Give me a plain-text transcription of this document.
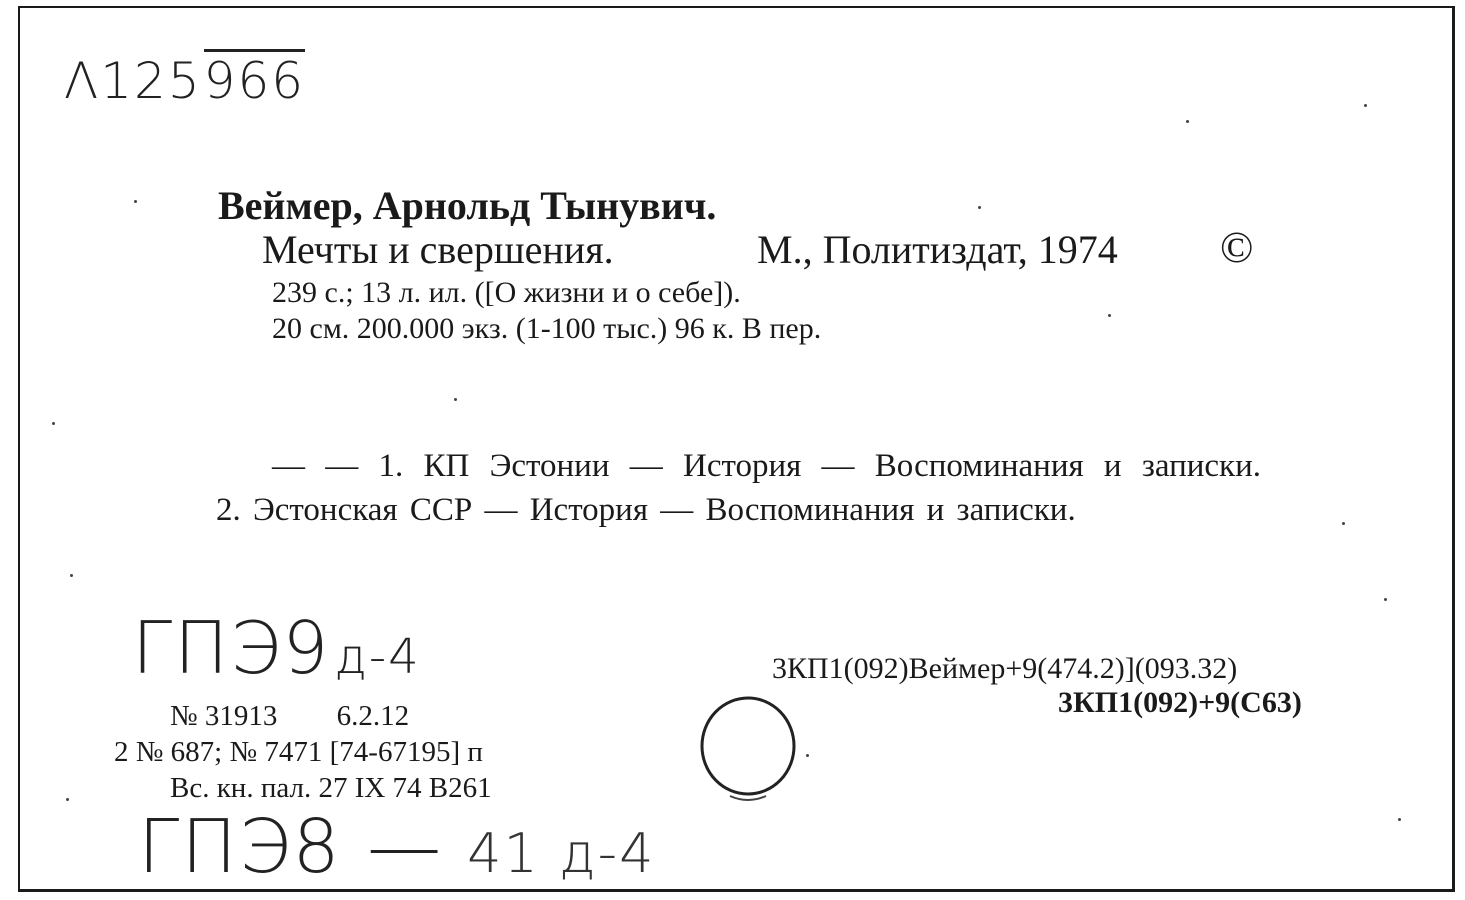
Λ125966
Веймер, Арнольд Тынувич.
Мечты и свершения.	М., Политиздат, 1974 ©
239 с.; 13 л. ил. ([О жизни и о себе]).
20 см. 200.000 экз. (1-100 тыс.) 96 к. В пер.
— — 1. КП Эстонии — История — Воспоминания и записки.
2. Эстонская ССР — История — Воспоминания и записки.
ГПЭ9д-4	3КП1(092)Веймер+9(474.2)](093.32)
3КП1(092)+9(С63)
№ 31913 6.2.12
2 № 687; № 7471 [74-67195] п
Вс. кн. пал. 27 IX 74 В261
ГПЭ8 — 41 д-4
